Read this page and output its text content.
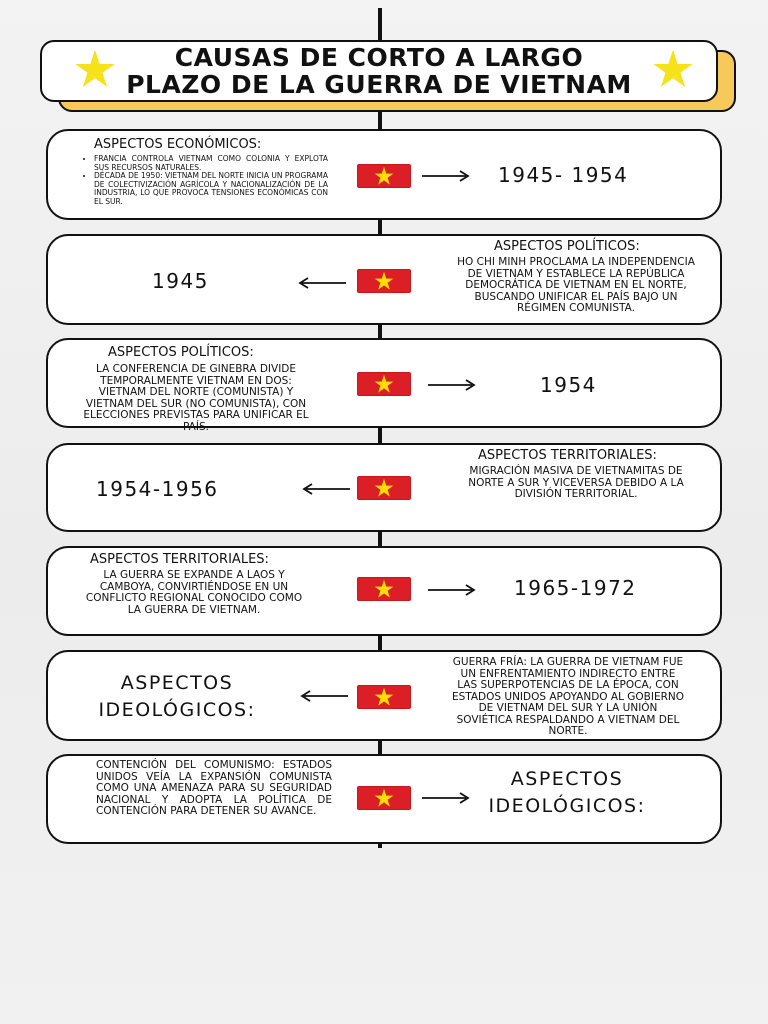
CAUSAS DE CORTO A LARGO
PLAZO DE LA GUERRA DE VIETNAM
ASPECTOS ECONÓMICOS:
• FRANCIA CONTROLA VIETNAM COMO COLONIA Y EXPLOTA SUS RECURSOS NATURALES.
• DÉCADA DE 1950: VIETNAM DEL NORTE INICIA UN PROGRAMA DE COLECTIVIZACIÓN AGRÍCOLA Y NACIONALIZACIÓN DE LA INDUSTRIA, LO QUE PROVOCA TENSIONES ECONÓMICAS CON EL SUR.
1945- 1954
1945
ASPECTOS POLÍTICOS:
HO CHI MINH PROCLAMA LA INDEPENDENCIA DE VIETNAM Y ESTABLECE LA REPÚBLICA DEMOCRÁTICA DE VIETNAM EN EL NORTE, BUSCANDO UNIFICAR EL PAÍS BAJO UN RÉGIMEN COMUNISTA.
ASPECTOS POLÍTICOS:
LA CONFERENCIA DE GINEBRA DIVIDE TEMPORALMENTE VIETNAM EN DOS: VIETNAM DEL NORTE (COMUNISTA) Y VIETNAM DEL SUR (NO COMUNISTA), CON ELECCIONES PREVISTAS PARA UNIFICAR EL PAÍS.
1954
1954-1956
ASPECTOS TERRITORIALES:
MIGRACIÓN MASIVA DE VIETNAMITAS DE NORTE A SUR Y VICEVERSA DEBIDO A LA DIVISIÓN TERRITORIAL.
ASPECTOS TERRITORIALES:
LA GUERRA SE EXPANDE A LAOS Y CAMBOYA, CONVIRTIÉNDOSE EN UN CONFLICTO REGIONAL CONOCIDO COMO LA GUERRA DE VIETNAM.
1965-1972
ASPECTOS
IDEOLÓGICOS:
GUERRA FRÍA: LA GUERRA DE VIETNAM FUE UN ENFRENTAMIENTO INDIRECTO ENTRE LAS SUPERPOTENCIAS DE LA ÉPOCA, CON ESTADOS UNIDOS APOYANDO AL GOBIERNO DE VIETNAM DEL SUR Y LA UNIÓN SOVIÉTICA RESPALDANDO A VIETNAM DEL NORTE.
CONTENCIÓN DEL COMUNISMO: ESTADOS UNIDOS VEÍA LA EXPANSIÓN COMUNISTA COMO UNA AMENAZA PARA SU SEGURIDAD NACIONAL Y ADOPTA LA POLÍTICA DE CONTENCIÓN PARA DETENER SU AVANCE.
ASPECTOS
IDEOLÓGICOS:
